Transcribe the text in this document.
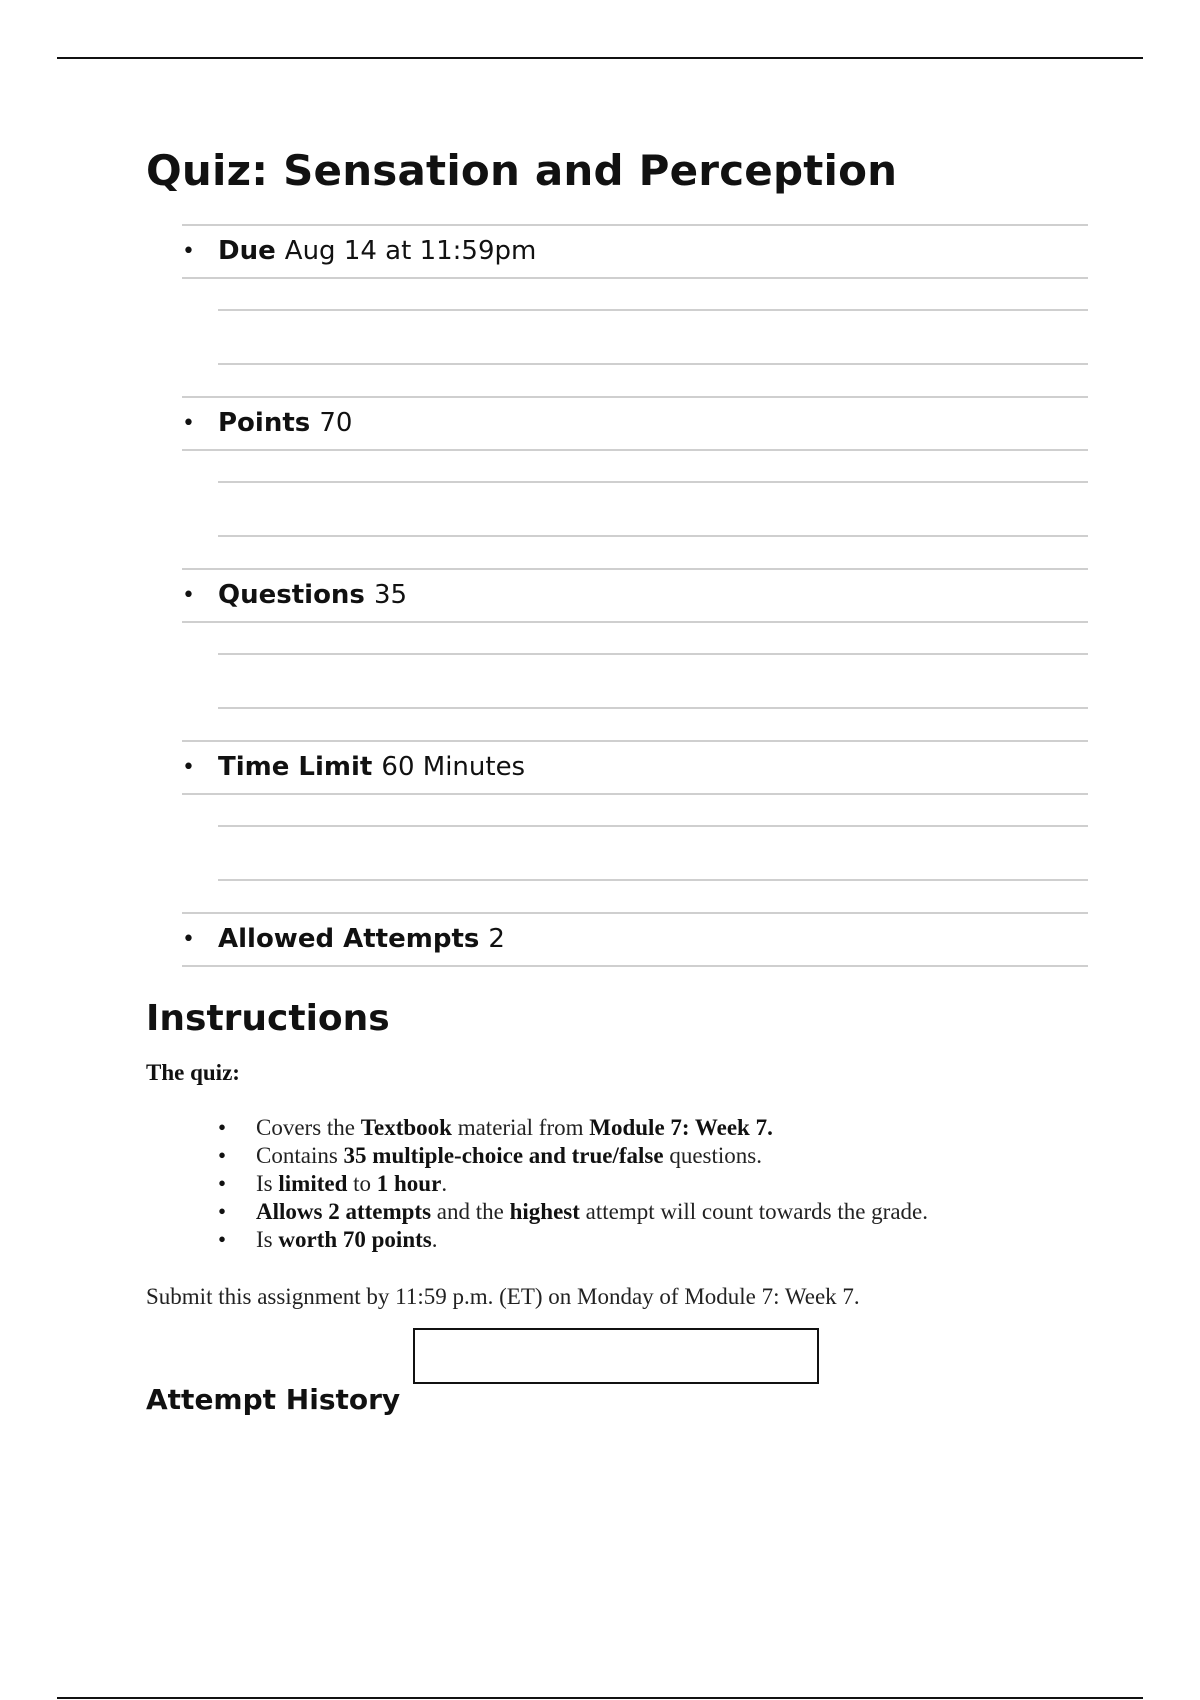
Quiz: Sensation and Perception
• Due Aug 14 at 11:59pm
• Points 70
• Questions 35
• Time Limit 60 Minutes
• Allowed Attempts 2
Instructions

The quiz:

• Covers the Textbook material from Module 7: Week 7.
• Contains 35 multiple-choice and true/false questions.
• Is limited to 1 hour.
• Allows 2 attempts and the highest attempt will count towards the grade.
• Is worth 70 points.

Submit this assignment by 11:59 p.m. (ET) on Monday of Module 7: Week 7.

Attempt History
